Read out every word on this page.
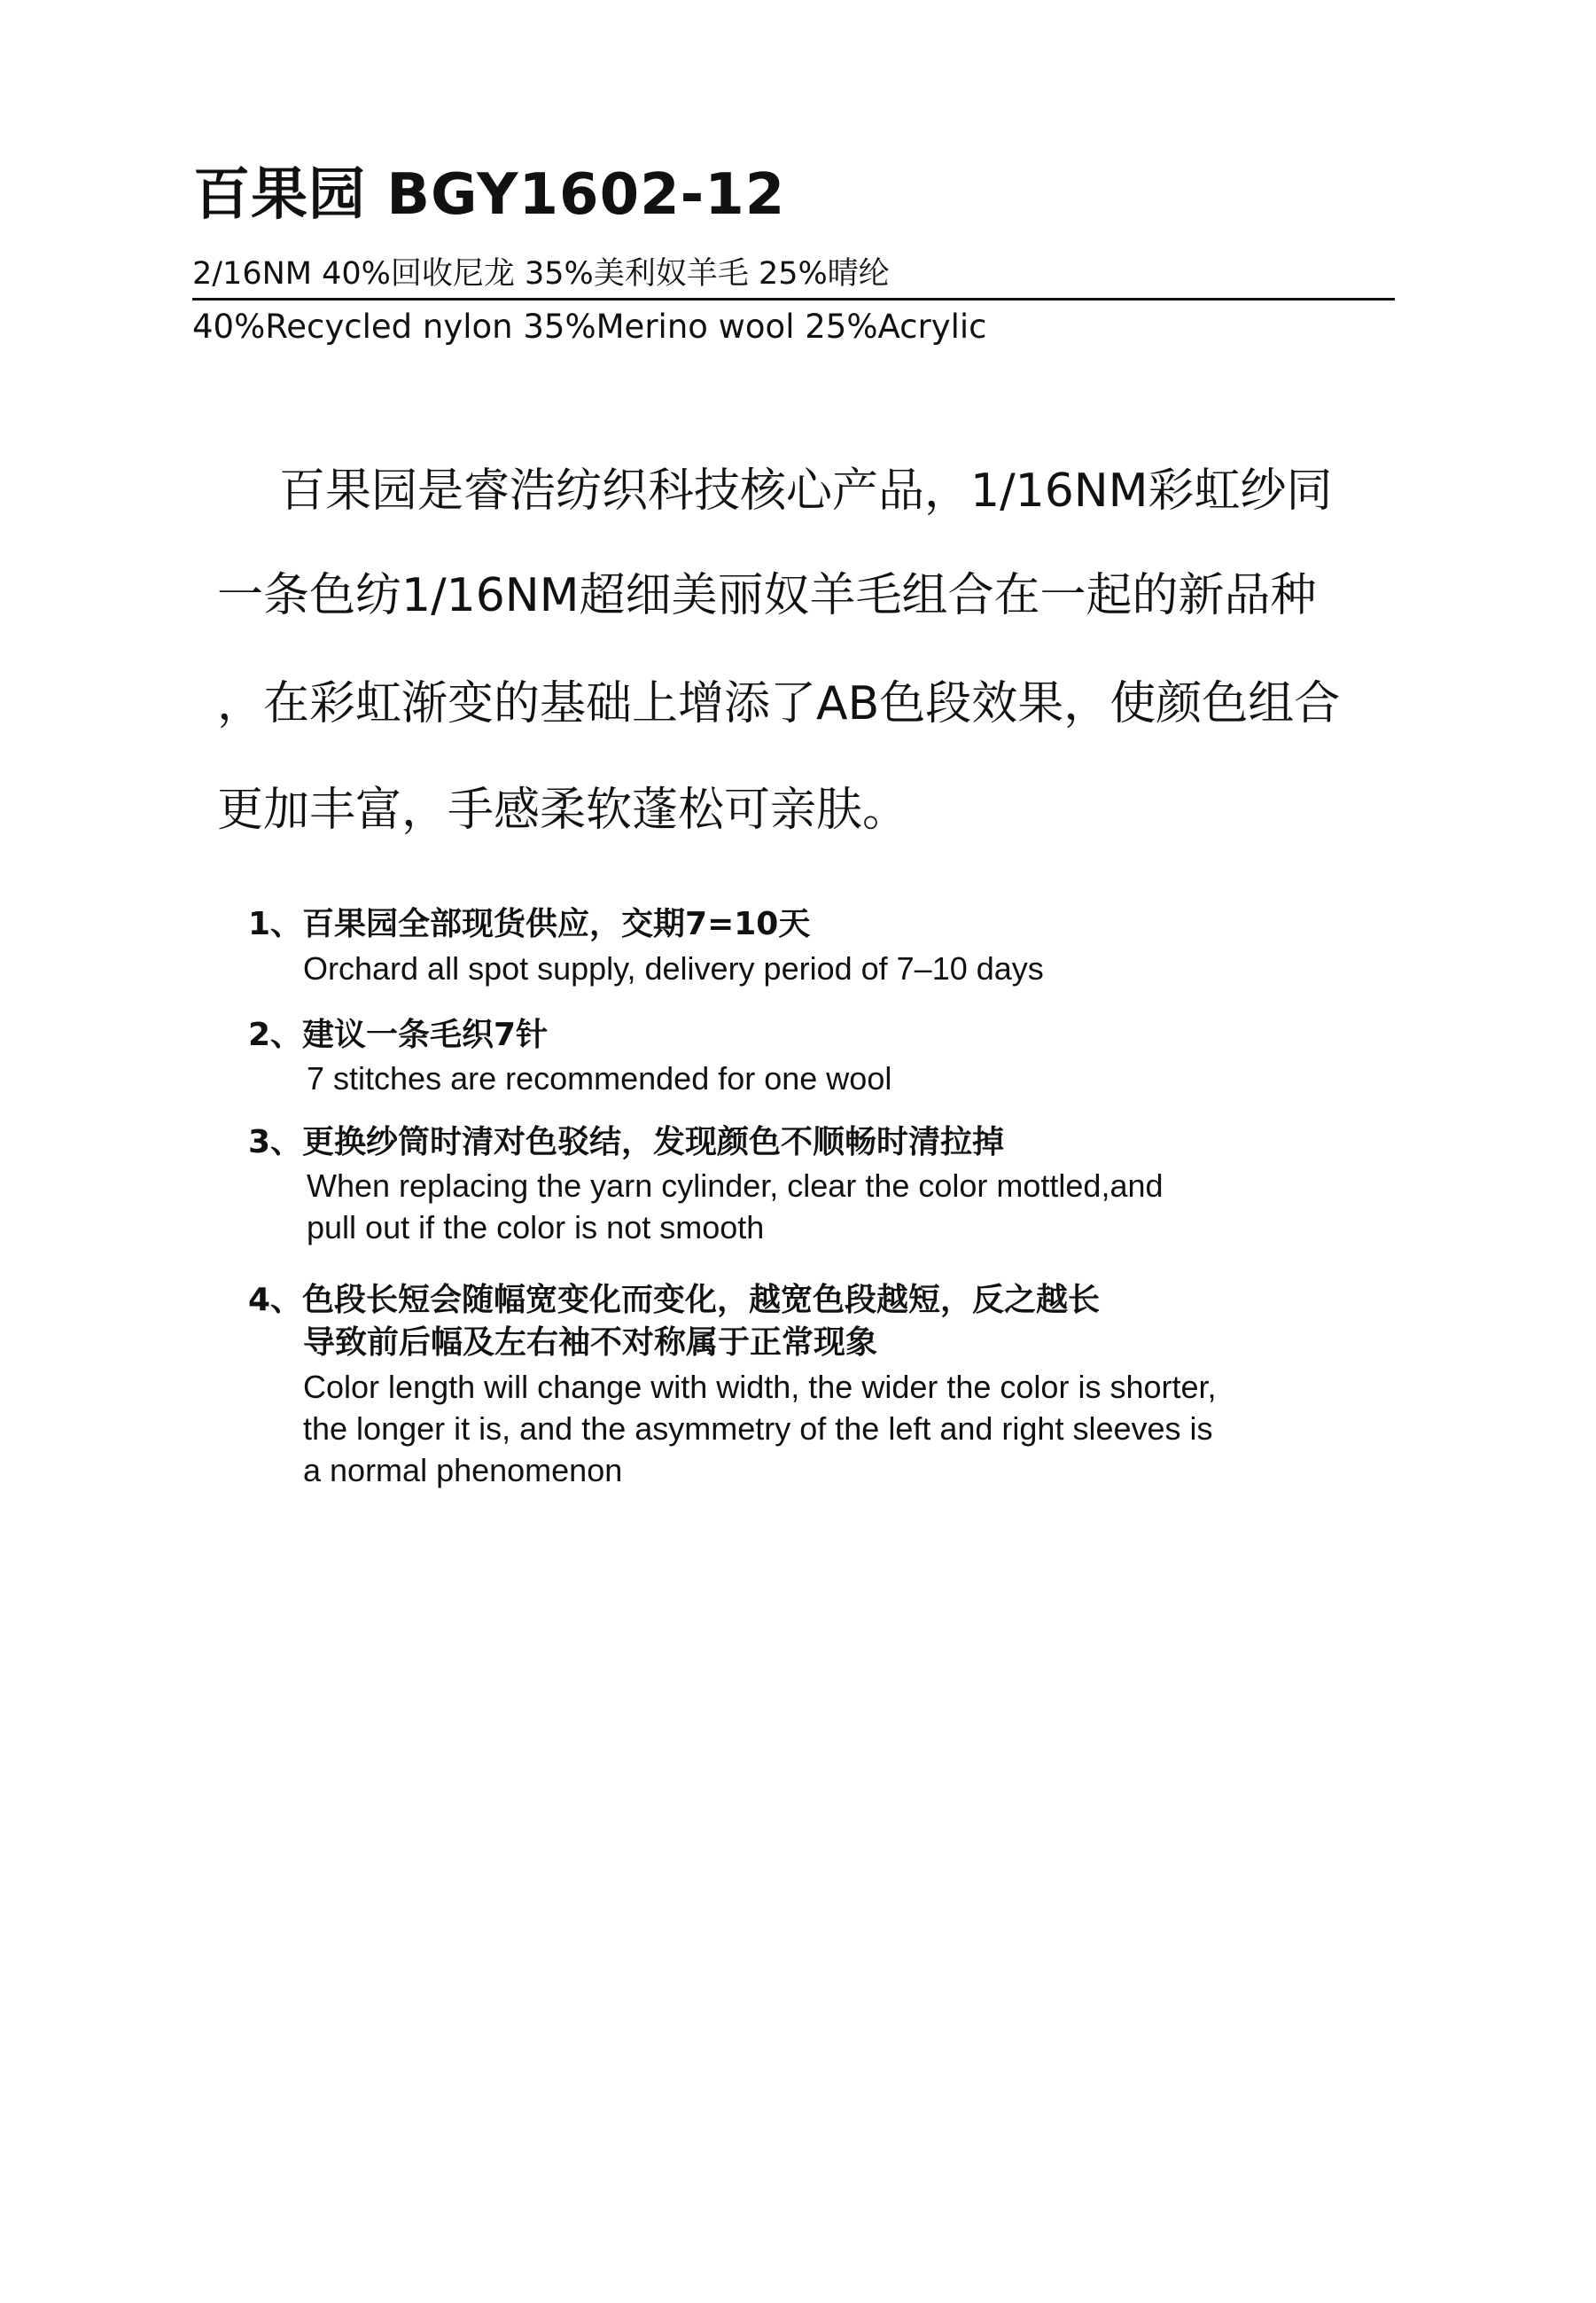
百果园 BGY1602-12
2/16NM 40%回收尼龙 35%美利奴羊毛 25%晴纶
40%Recycled nylon 35%Merino wool 25%Acrylic
百果园是睿浩纺织科技核心产品，1/16NM彩虹纱同
一条色纺1/16NM超细美丽奴羊毛组合在一起的新品种
，在彩虹渐变的基础上增添了AB色段效果，使颜色组合
更加丰富，手感柔软蓬松可亲肤。
1、百果园全部现货供应，交期7=10天
Orchard all spot supply, delivery period of 7–10 days
2、建议一条毛织7针
7 stitches are recommended for one wool
3、更换纱筒时清对色驳结，发现颜色不顺畅时清拉掉
When replacing the yarn cylinder, clear the color mottled,and
pull out if the color is not smooth
4、色段长短会随幅宽变化而变化，越宽色段越短，反之越长
导致前后幅及左右袖不对称属于正常现象
Color length will change with width, the wider the color is shorter,
the longer it is, and the asymmetry of the left and right sleeves is
a normal phenomenon
